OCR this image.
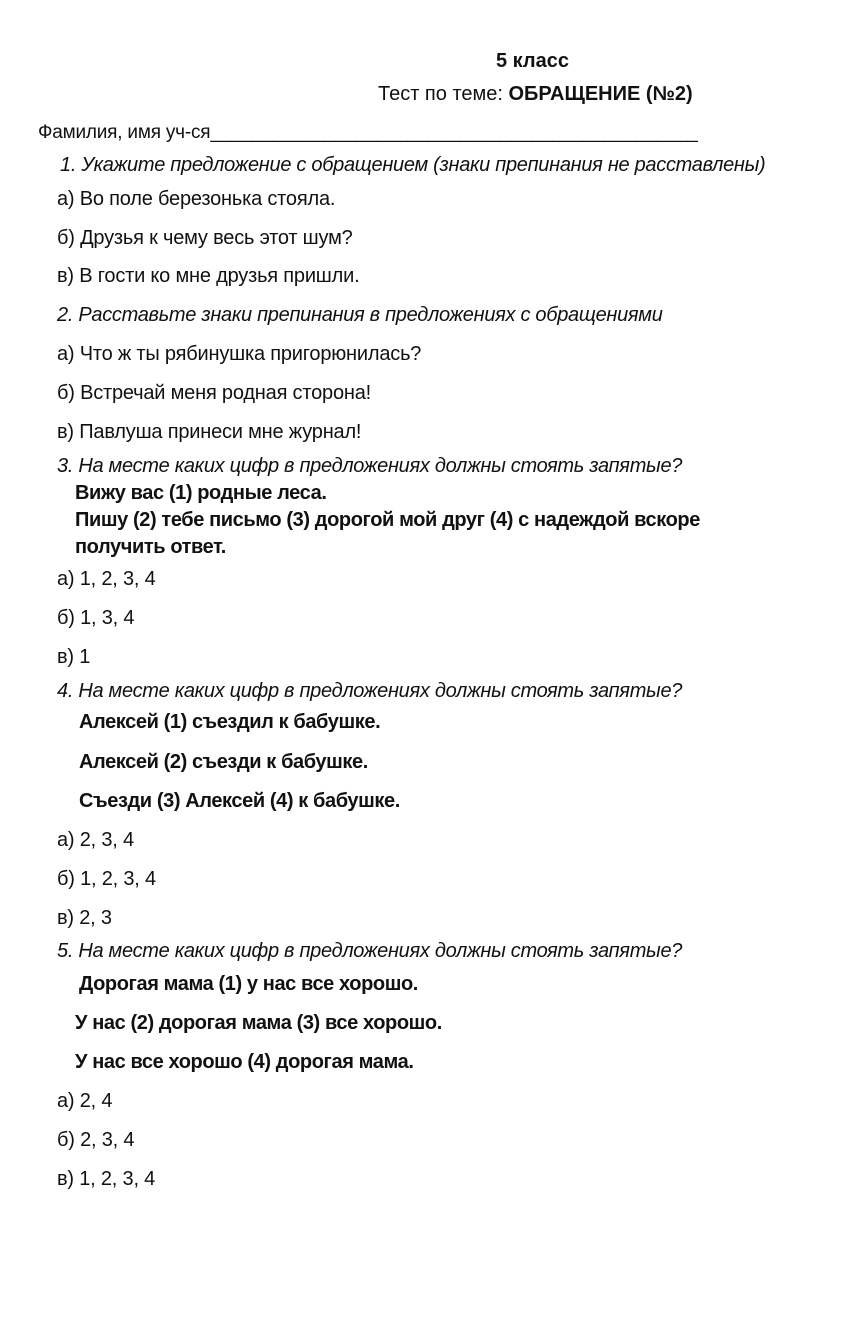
5 класс
Тест по теме: ОБРАЩЕНИЕ (№2)
Фамилия, имя уч-ся_______________________________________________
1. Укажите предложение с обращением (знаки препинания не расставлены)
а) Во поле березонька стояла.
б) Друзья к чему весь этот шум?
в) В гости ко мне друзья пришли.
2. Расставьте знаки препинания в предложениях с обращениями
а) Что ж ты рябинушка пригорюнилась?
б) Встречай меня родная сторона!
в) Павлуша принеси мне журнал!
3. На месте каких цифр в предложениях должны стоять запятые?
Вижу вас (1) родные леса.
Пишу (2) тебе письмо (3) дорогой мой друг (4) с надеждой вскоре
получить ответ.
а) 1, 2, 3, 4
б) 1, 3, 4
в) 1
4. На месте каких цифр в предложениях должны стоять запятые?
Алексей (1) съездил к бабушке.
Алексей (2) съезди к бабушке.
Съезди (3) Алексей (4) к бабушке.
а) 2, 3, 4
б) 1, 2, 3, 4
в) 2, 3
5. На месте каких цифр в предложениях должны стоять запятые?
Дорогая мама (1) у нас все хорошо.
У нас (2) дорогая мама (3) все хорошо.
У нас все хорошо (4) дорогая мама.
а) 2, 4
б) 2, 3, 4
в) 1, 2, 3, 4
